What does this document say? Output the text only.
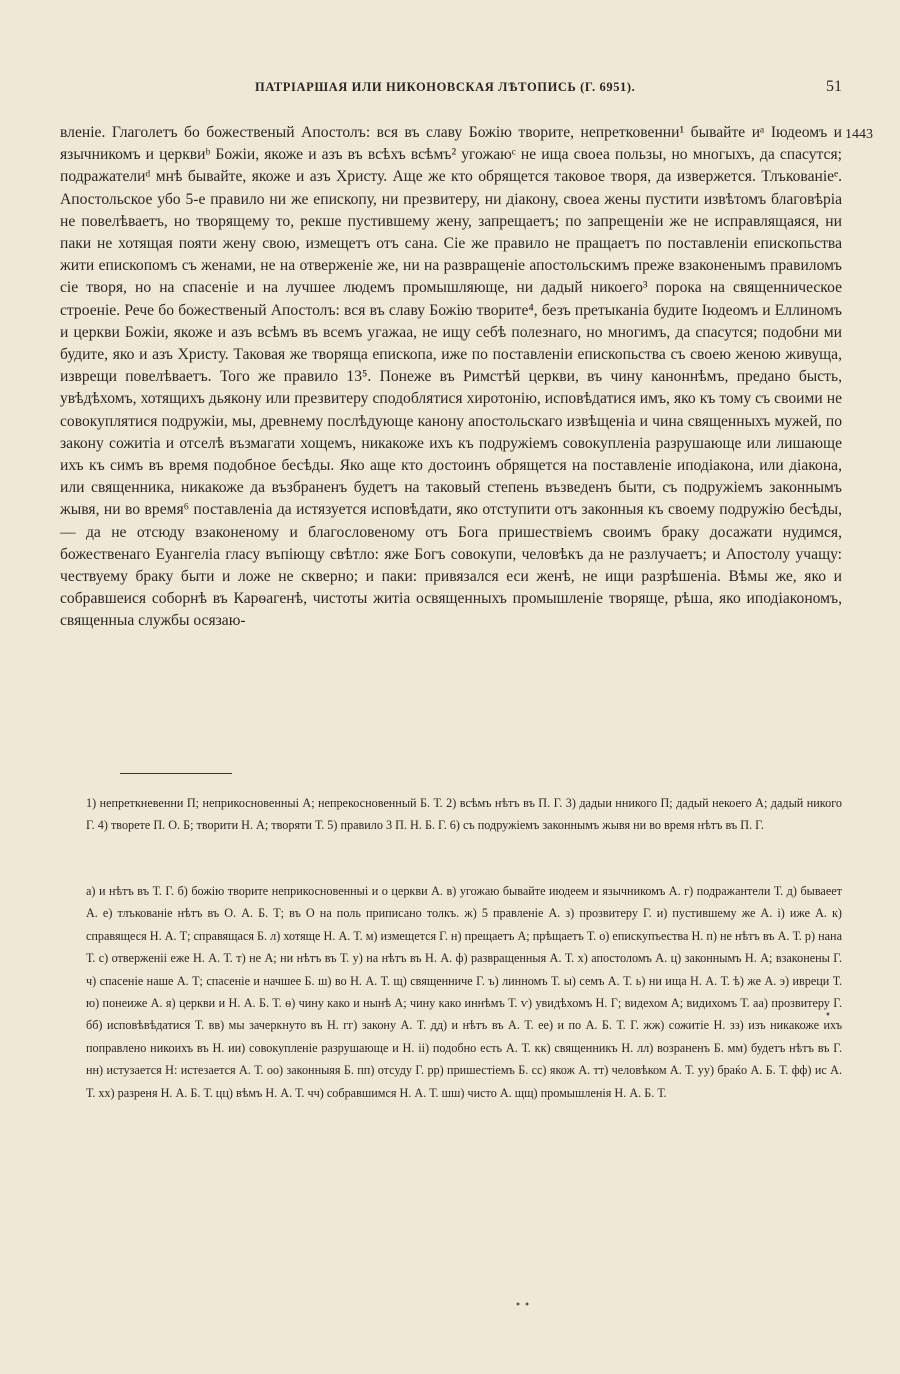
ПАТРІАРШАЯ ИЛИ НИКОНОВСКАЯ ЛѢТОПИСЬ (Г. 6951).	51
1443

вленіе. Глаголетъ бо божественый Апостолъ: вся въ славу Божiю творите, непретковенни¹ бывайте иᵃ Іюдеомъ и язычникомъ и церквиᵇ Божіи, якоже и азъ въ всѣхъ всѣмъ² угожаюᶜ не ища своеа пользы, но многыхъ, да спасутся; подражателиᵈ мнѣ бывайте, якоже и азъ Христу. Аще же кто обрящется таковое творя, да извержется. Тлъкованіеᵉ. Апостольское убо 5-е правило ни же епископу, ни презвитеру, ни діакону, своеа жены пустити извѣтомъ благовѣріа не повелѣваетъ, но творящему то, рекше пустившему жену, запрещаетъ; по запрещеніи же не исправлящаяся, ни паки не хотящая пояти жену свою, измещетъ отъ сана. Сіе же правило не пращаетъ по поставленіи епископьства жити епископомъ съ женами, не на отверженіе же, ни на развращеніе апостольскимъ преже взаконенымъ правиломъ сіе творя, но на спасеніе и на лучшее людемъ промышляюще, ни дадый никоего³ порока на священническое строеніе. Рече бо божественый Апостолъ: вся въ славу Божiю творите⁴, безъ претыканіа будите Іюдеомъ и Еллиномъ и церкви Божіи, якоже и азъ всѣмъ въ всемъ угажаа, не ищу себѣ полезнаго, но многимъ, да спасутся; подобни ми будите, яко и азъ Христу. Таковая же творяща епископа, иже по поставленіи епископьства съ своею женою живуща, изврещи повелѣваетъ. Того же правило 13⁵. Понеже въ Римстѣй церкви, въ чину каноннѣмъ, предано бысть, увѣдѣхомъ, хотящихъ дьякону или презвитеру сподоблятися хиротонію, исповѣдатися имъ, яко къ тому съ своими не совокуплятися подружіи, мы, древнему послѣдующе канону апостольскаго извѣщеніа и чина священныхъ мужей, по закону сожитіа и отселѣ възмагати хощемъ, никакоже ихъ къ подружіемъ совокупленіа разрушающе или лишающе ихъ къ симъ въ время подобное бесѣды. Яко аще кто достоинъ обрящется на поставленіе иподіакона, или діакона, или священника, никакоже да възбраненъ будетъ на таковый степень възведенъ быти, съ подружіемъ законнымъ жывя, ни во время⁶ поставленіа да истязуется исповѣдати, яко отступити отъ законныя къ своему подружію бесѣды,— да не отсюду взаконеному и благословеному отъ Бога пришествіемъ своимъ браку досажати нудимся, божественаго Еуангеліа гласу въпіющу свѣтло: яже Богъ совокупи, человѣкъ да не разлучаетъ; и Апостолу учащу: чествуему браку быти и ложе не скверно; и паки: привязался еси женѣ, не ищи разрѣшеніа. Вѣмы же, яко и собравшеися соборнѣ въ Карѳагенѣ, чистоты житіа освященныхъ промышленіе творяще, рѣша, яко иподіакономъ, священныа службы осязаю-

1) непретк​невенни П; неприкосновенныі А; непрекосновенный Б. Т. 2) всѣмъ нѣтъ въ П. Г. 3) дадыи нникого П; дадый некоего А; дадый никого Г. 4) творете П. О. Б; творити Н. А; творяти Т. 5) правило 3 П. Н. Б. Г. 6) съ подружіемъ законнымъ жывя ни во время нѣтъ въ П. Г.

а) и нѣтъ въ Т. Г. б) божію творите неприкосновенныі и о церкви А. в) угожаю бывайте июдеем и язычникомъ А. г) подражантели Т. д) бываеет А. е) тлъкованіе нѣтъ въ О. А. Б. Т; въ О на поль приписано толкъ. ж) 5 правленіе А. з) прозвитеру Г. и) пустившему же А. і) иже А. к) справящеся Н. А. Т; справящася Б. л) хотяще Н. А. Т. м) измещется Г. н) прещаетъ А; прѣщаетъ Т. о) епискупъества Н. п) не нѣтъ въ А. Т. р) нана Т. с) отверженіі еже Н. А. Т. т) не А; ни нѣтъ въ Т. у) на нѣтъ въ Н. А. ф) развращенныя А. Т. х) апостоломъ А. ц) законнымъ Н. А; взаконены Г. ч) спасеніе наше А. Т; спасеніе и начшее Б. ш) во Н. А. Т. щ) священниче Г. ъ) линномъ Т. ы) семъ А. Т. ь) ни ища Н. А. Т. ѣ) же А. э) ивреци Т. ю) понеиже А. я) церкви и Н. А. Б. Т. ѳ) чину како и нынѣ А; чину како иннѣмъ Т. ѵ) увидѣхомъ Н. Г; видехом А; видихомъ Т. аа) прозвитеру Г. бб) исповѣвѣдатися Т. вв) мы зачеркнуто въ Н. гг) закону А. Т. дд) и нѣтъ въ А. Т. ее) и по А. Б. Т. Г. жж) сожитіе Н. зз) изъ никакоже ихъ поправлено никоихъ въ Н. ии) совокупленіе разрушающе и Н. іі) подобно есть А. Т. кк) священникъ Н. лл) возраненъ Б. мм) будетъ нѣтъ въ Г. нн) истузается Н: истезается А. Т. оо) законныяя Б. пп) отсуду Г. рр) пришестіемъ Б. сс) якож А. тт) человѣком А. Т. уу) браќо А. Б. Т. фф) ис А. Т. хх) разреня Н. А. Б. Т. цц) вѣмъ Н. А. Т. чч) собравшимся Н. А. Т. шш) чисто А. щщ) промышленія Н. А. Б. Т.

•
• •
